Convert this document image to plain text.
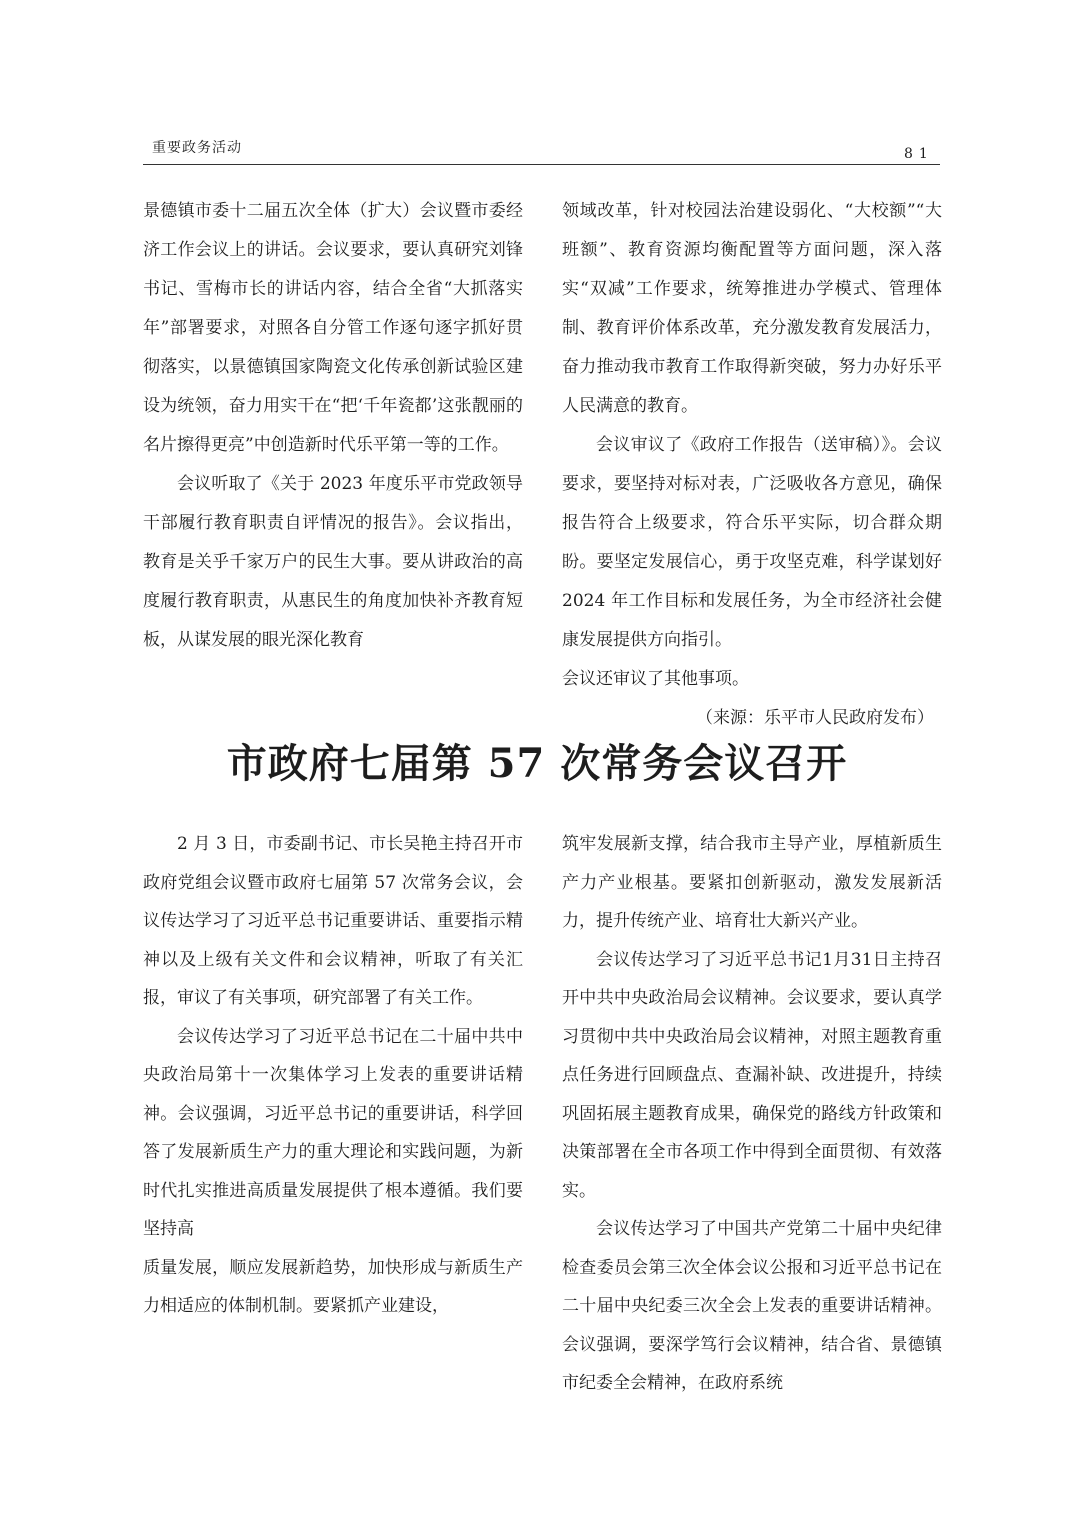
重要政务活动	81

景德镇市委十二届五次全体（扩大）会议暨市委经济工作会议上的讲话。会议要求，要认真研究刘锋书记、雪梅市长的讲话内容，结合全省“大抓落实年”部署要求，对照各自分管工作逐句逐字抓好贯彻落实，以景德镇国家陶瓷文化传承创新试验区建设为统领，奋力用实干在“把‘千年瓷都’这张靓丽的名片擦得更亮”中创造新时代乐平第一等的工作。

会议听取了《关于 2023 年度乐平市党政领导干部履行教育职责自评情况的报告》。会议指出，教育是关乎千家万户的民生大事。要从讲政治的高度履行教育职责，从惠民生的角度加快补齐教育短板，从谋发展的眼光深化教育

领域改革，针对校园法治建设弱化、“大校额”“大班额”、教育资源均衡配置等方面问题，深入落实“双减”工作要求，统筹推进办学模式、管理体制、教育评价体系改革，充分激发教育发展活力，奋力推动我市教育工作取得新突破，努力办好乐平人民满意的教育。

会议审议了《政府工作报告（送审稿）》。会议要求，要坚持对标对表，广泛吸收各方意见，确保报告符合上级要求，符合乐平实际，切合群众期盼。要坚定发展信心，勇于攻坚克难，科学谋划好 2024 年工作目标和发展任务，为全市经济社会健康发展提供方向指引。

会议还审议了其他事项。

（来源：乐平市人民政府发布）

市政府七届第 57 次常务会议召开

2 月 3 日，市委副书记、市长吴艳主持召开市政府党组会议暨市政府七届第 57 次常务会议，会议传达学习了习近平总书记重要讲话、重要指示精神以及上级有关文件和会议精神，听取了有关汇报，审议了有关事项，研究部署了有关工作。

会议传达学习了习近平总书记在二十届中共中央政治局第十一次集体学习上发表的重要讲话精神。会议强调，习近平总书记的重要讲话，科学回答了发展新质生产力的重大理论和实践问题，为新时代扎实推进高质量发展提供了根本遵循。我们要坚持高

质量发展，顺应发展新趋势，加快形成与新质生产力相适应的体制机制。要紧抓产业建设，

筑牢发展新支撑，结合我市主导产业，厚植新质生产力产业根基。要紧扣创新驱动，激发发展新活力，提升传统产业、培育壮大新兴产业。

会议传达学习了习近平总书记1月31日主持召开中共中央政治局会议精神。会议要求，要认真学习贯彻中共中央政治局会议精神，对照主题教育重点任务进行回顾盘点、查漏补缺、改进提升，持续巩固拓展主题教育成果，确保党的路线方针政策和决策部署在全市各项工作中得到全面贯彻、有效落实。

会议传达学习了中国共产党第二十届中央纪律检查委员会第三次全体会议公报和习近平总书记在二十届中央纪委三次全会上发表的重要讲话精神。会议强调，要深学笃行会议精神，结合省、景德镇市纪委全会精神，在政府系统
